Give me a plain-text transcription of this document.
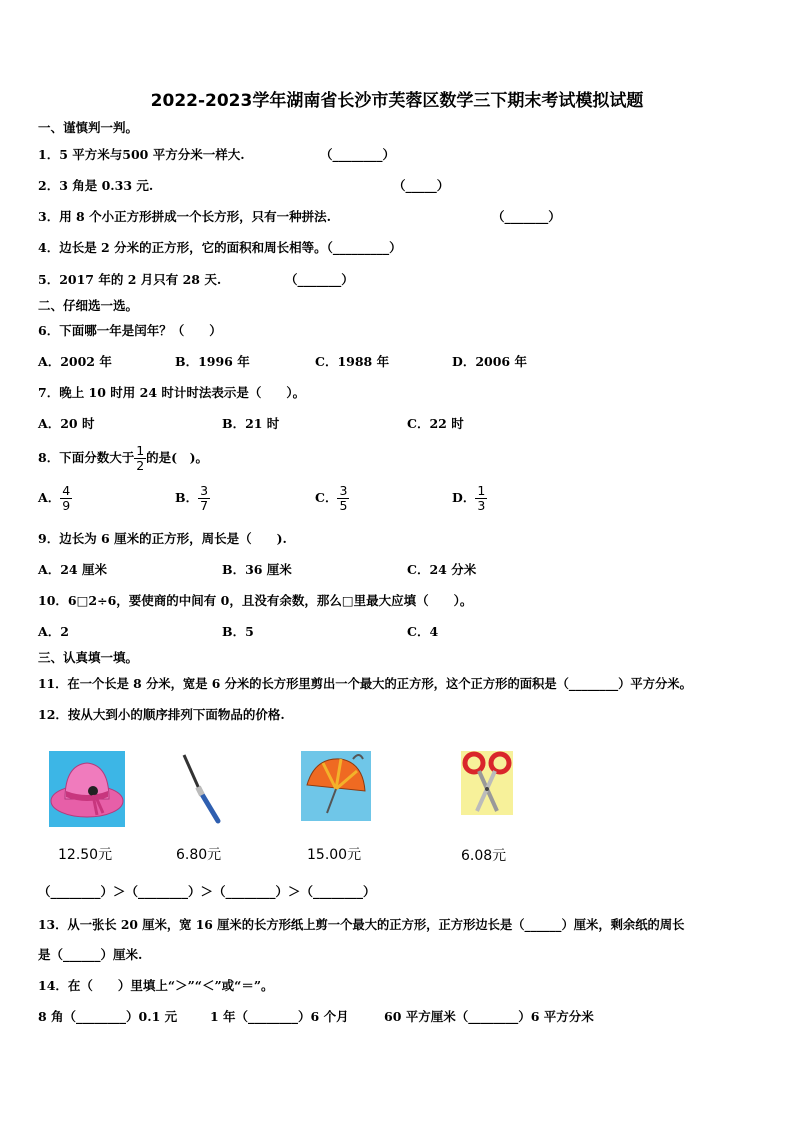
2022-2023学年湖南省长沙市芙蓉区数学三下期末考试模拟试题
一、谨慎判一判。
1．5 平方米与500 平方分米一样大.	（________）
2．3 角是 0.33 元.	（_____）
3．用 8 个小正方形拼成一个长方形，只有一种拼法.	（_______）
4．边长是 2 分米的正方形，它的面积和周长相等。（_________）
5．2017 年的 2 月只有 28 天.	（_______）
二、仔细选一选。
6．下面哪一年是闰年？（　　）
A．2002 年	B．1996 年	C．1988 年	D．2006 年
7．晚上 10 时用 24 时计时法表示是（　　）。
A．20 时	B．21 时	C．22 时
8．下面分数大于 $\frac{1}{2}$ 的是(　)。
A． $\frac{4}{9}$	B． $\frac{3}{7}$	C． $\frac{3}{5}$	D． $\frac{1}{3}$
9．边长为 6 厘米的正方形，周长是（　　).
A．24 厘米	B．36 厘米	C．24 分米
10．6□2÷6，要使商的中间有 0，且没有余数，那么□里最大应填（　　）。
A．2	B．5	C．4
三、认真填一填。
11．在一个长是 8 分米，宽是 6 分米的长方形里剪出一个最大的正方形，这个正方形的面积是（________）平方分米。
12．按从大到小的顺序排列下面物品的价格.
12.50元	6.80元	15.00元	6.08元
（________）＞（________）＞（________）＞（________）
13．从一张长 20 厘米，宽 16 厘米的长方形纸上剪一个最大的正方形，正方形边长是（______）厘米，剩余纸的周长
是（______）厘米.
14．在（　　）里填上“＞”“＜”或“＝”。
8 角（________）0.1 元	1 年（________）6 个月	60 平方厘米（________）6 平方分米
